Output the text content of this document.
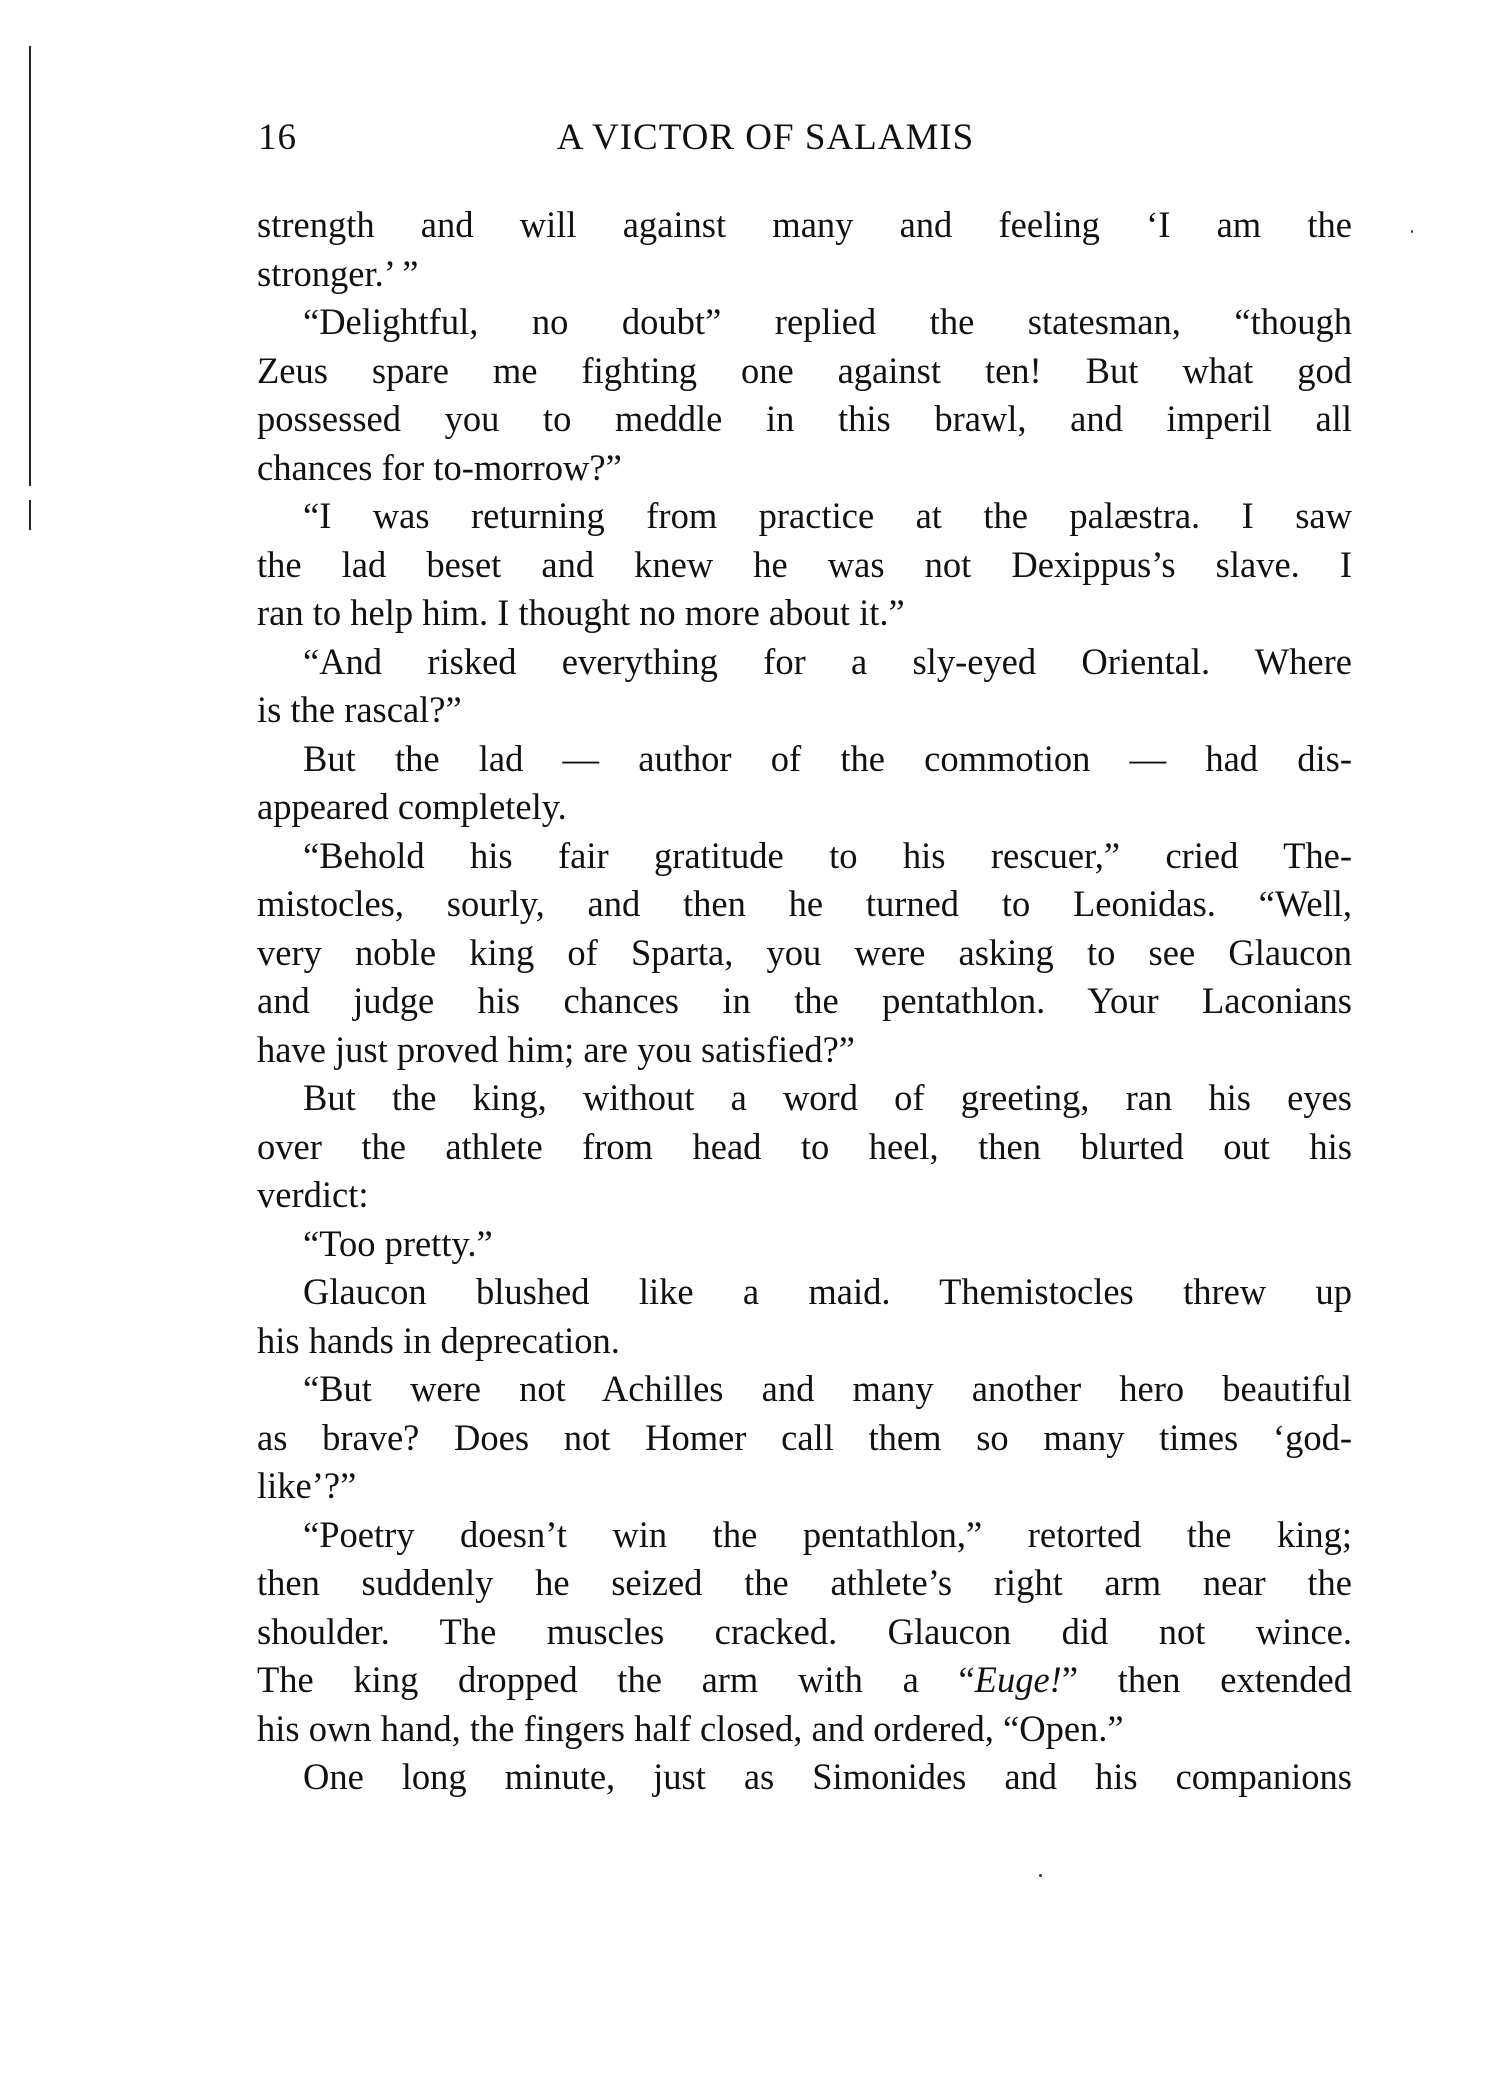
16	A VICTOR OF SALAMIS
strength and will against many and feeling ‘I am the
stronger.’ ”
“Delightful, no doubt” replied the statesman, “though
Zeus spare me fighting one against ten! But what god
possessed you to meddle in this brawl, and imperil all
chances for to-morrow?”
“I was returning from practice at the palæstra. I saw
the lad beset and knew he was not Dexippus’s slave. I
ran to help him. I thought no more about it.”
“And risked everything for a sly-eyed Oriental. Where
is the rascal?”
But the lad — author of the commotion — had dis-
appeared completely.
“Behold his fair gratitude to his rescuer,” cried The-
mistocles, sourly, and then he turned to Leonidas. “Well,
very noble king of Sparta, you were asking to see Glaucon
and judge his chances in the pentathlon. Your Laconians
have just proved him; are you satisfied?”
But the king, without a word of greeting, ran his eyes
over the athlete from head to heel, then blurted out his
verdict:
“Too pretty.”
Glaucon blushed like a maid. Themistocles threw up
his hands in deprecation.
“But were not Achilles and many another hero beautiful
as brave? Does not Homer call them so many times ‘god-
like’?”
“Poetry doesn’t win the pentathlon,” retorted the king;
then suddenly he seized the athlete’s right arm near the
shoulder. The muscles cracked. Glaucon did not wince.
The king dropped the arm with a “Euge!” then extended
his own hand, the fingers half closed, and ordered, “Open.”
One long minute, just as Simonides and his companions
